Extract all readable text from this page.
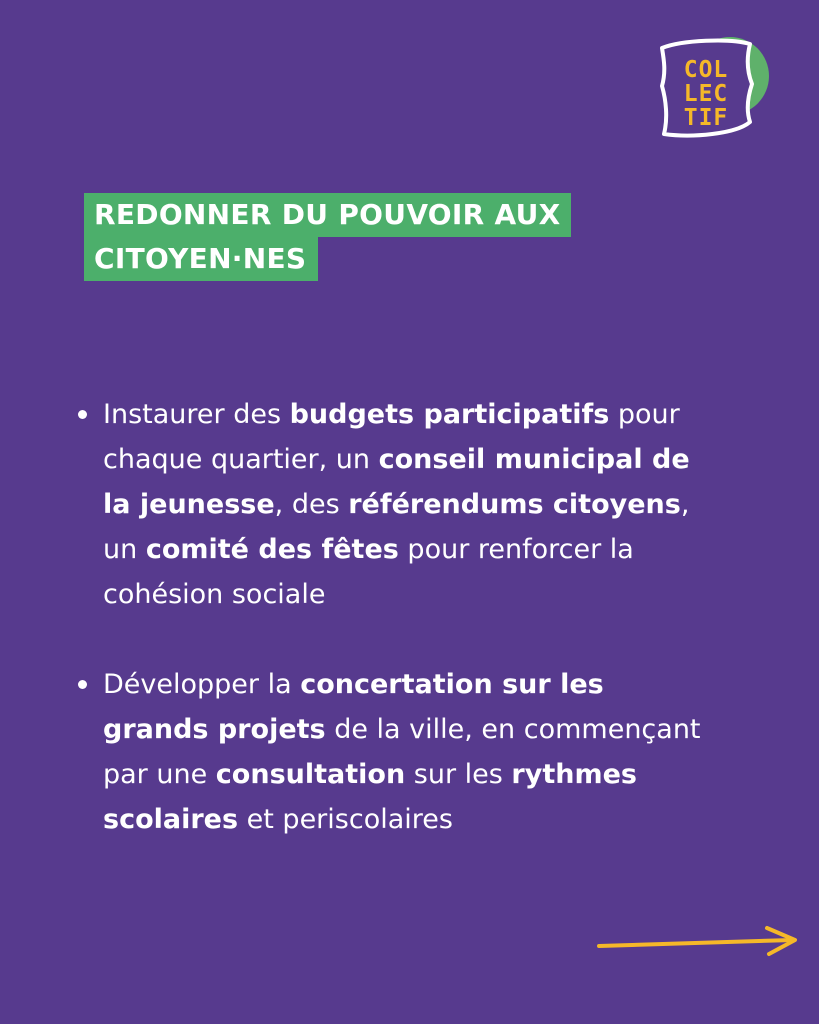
COL
LEC
TIF
REDONNER DU POUVOIR AUX
CITOYEN·NES
Instaurer des budgets participatifs pour chaque quartier, un conseil municipal de la jeunesse, des référendums citoyens, un comité des fêtes pour renforcer la cohésion sociale
Développer la concertation sur les grands projets de la ville, en commençant par une consultation sur les rythmes scolaires et periscolaires
